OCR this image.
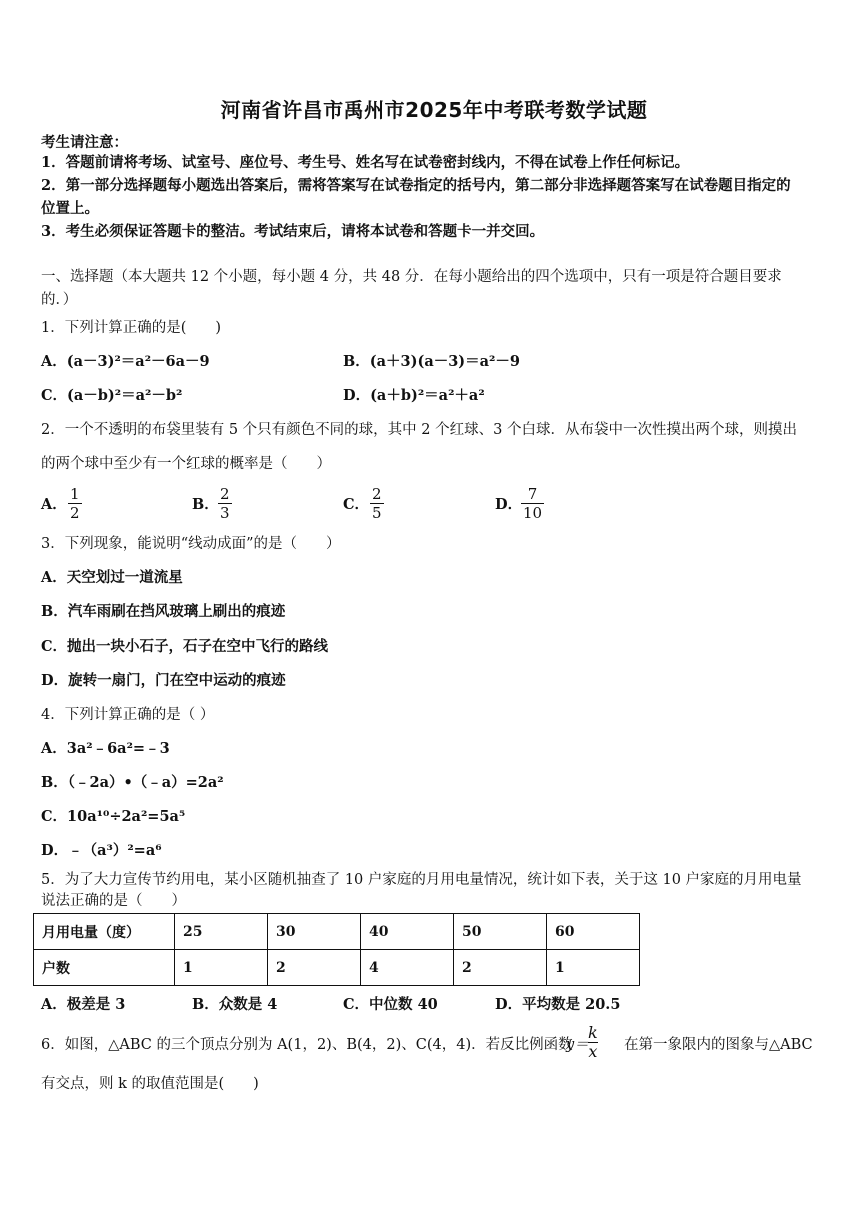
河南省许昌市禹州市2025年中考联考数学试题
考生请注意：
1．答题前请将考场、试室号、座位号、考生号、姓名写在试卷密封线内，不得在试卷上作任何标记。
2．第一部分选择题每小题选出答案后，需将答案写在试卷指定的括号内，第二部分非选择题答案写在试卷题目指定的
位置上。
3．考生必须保证答题卡的整洁。考试结束后，请将本试卷和答题卡一并交回。
一、选择题（本大题共 12 个小题，每小题 4 分，共 48 分．在每小题给出的四个选项中，只有一项是符合题目要求
的．）
1．下列计算正确的是(　　)
A．(a－3)²＝a²－6a－9	B．(a＋3)(a－3)＝a²－9
C．(a－b)²＝a²－b²	D．(a＋b)²＝a²＋a²
2．一个不透明的布袋里装有 5 个只有颜色不同的球，其中 2 个红球、3 个白球．从布袋中一次性摸出两个球，则摸出
的两个球中至少有一个红球的概率是（　　）
A．
1
2	B．
2
3	C．
2
5	D．
7
10
3．下列现象，能说明“线动成面”的是（　　）
A．天空划过一道流星
B．汽车雨刷在挡风玻璃上刷出的痕迹
C．抛出一块小石子，石子在空中飞行的路线
D．旋转一扇门，门在空中运动的痕迹
4．下列计算正确的是（ ）
A．3a²﹣6a²=﹣3
B．（﹣2a）•（﹣a）=2a²
C．10a¹⁰÷2a²=5a⁵
D．﹣（a³）²=a⁶
5．为了大力宣传节约用电，某小区随机抽查了 10 户家庭的月用电量情况，统计如下表，关于这 10 户家庭的月用电量
说法正确的是（　　）
月用电量（度）	25	30	40	50	60
户数	1	2	4	2	1
A．极差是 3	B．众数是 4	C．中位数 40	D．平均数是 20.5
6．如图，△ABC 的三个顶点分别为 A(1，2)、B(4，2)、C(4，4)．若反比例函数
y＝
k
x 在第一象限内的图象与△ABC
有交点，则 k 的取值范围是(　　)
